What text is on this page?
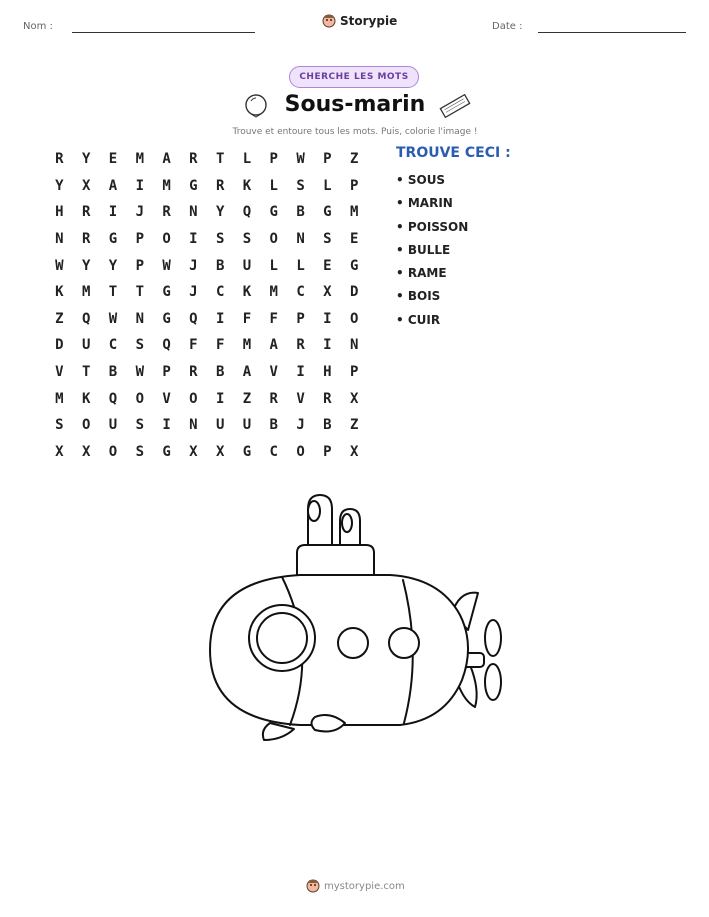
Nom :	Storypie	Date :
CHERCHE LES MOTS
Sous-marin
Trouve et entoure tous les mots. Puis, colorie l'image !
R	Y	E	M	A	R	T	L	P	W	P	Z
Y	X	A	I	M	G	R	K	L	S	L	P
H	R	I	J	R	N	Y	Q	G	B	G	M
N	R	G	P	O	I	S	S	O	N	S	E
W	Y	Y	P	W	J	B	U	L	L	E	G
K	M	T	T	G	J	C	K	M	C	X	D
Z	Q	W	N	G	Q	I	F	F	P	I	O
D	U	C	S	Q	F	F	M	A	R	I	N
V	T	B	W	P	R	B	A	V	I	H	P
M	K	Q	O	V	O	I	Z	R	V	R	X
S	O	U	S	I	N	U	U	B	J	B	Z
X	X	O	S	G	X	X	G	C	O	P	X
TROUVE CECI :
• SOUS
• MARIN
• POISSON
• BULLE
• RAME
• BOIS
• CUIR
mystorypie.com
